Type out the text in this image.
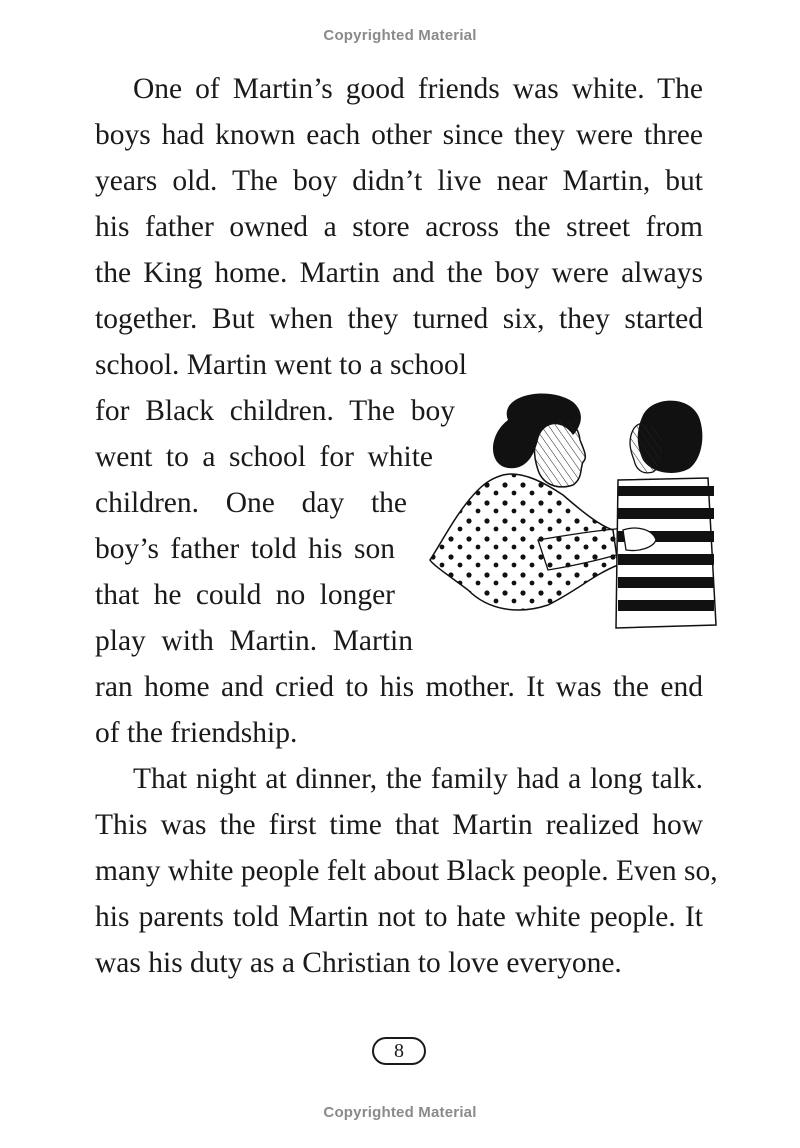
Copyrighted Material
One of Martin’s good friends was white. The
boys had known each other since they were three
years old. The boy didn’t live near Martin, but
his father owned a store across the street from
the King home. Martin and the boy were always
together. But when they turned six, they started
school. Martin went to a school
for Black children. The boy
went to a school for white
children. One day the
boy’s father told his son
that he could no longer
play with Martin. Martin
ran home and cried to his mother. It was the end
of the friendship.
That night at dinner, the family had a long talk.
This was the first time that Martin realized how
many white people felt about Black people. Even so,
his parents told Martin not to hate white people. It
was his duty as a Christian to love everyone.
8
Copyrighted Material
